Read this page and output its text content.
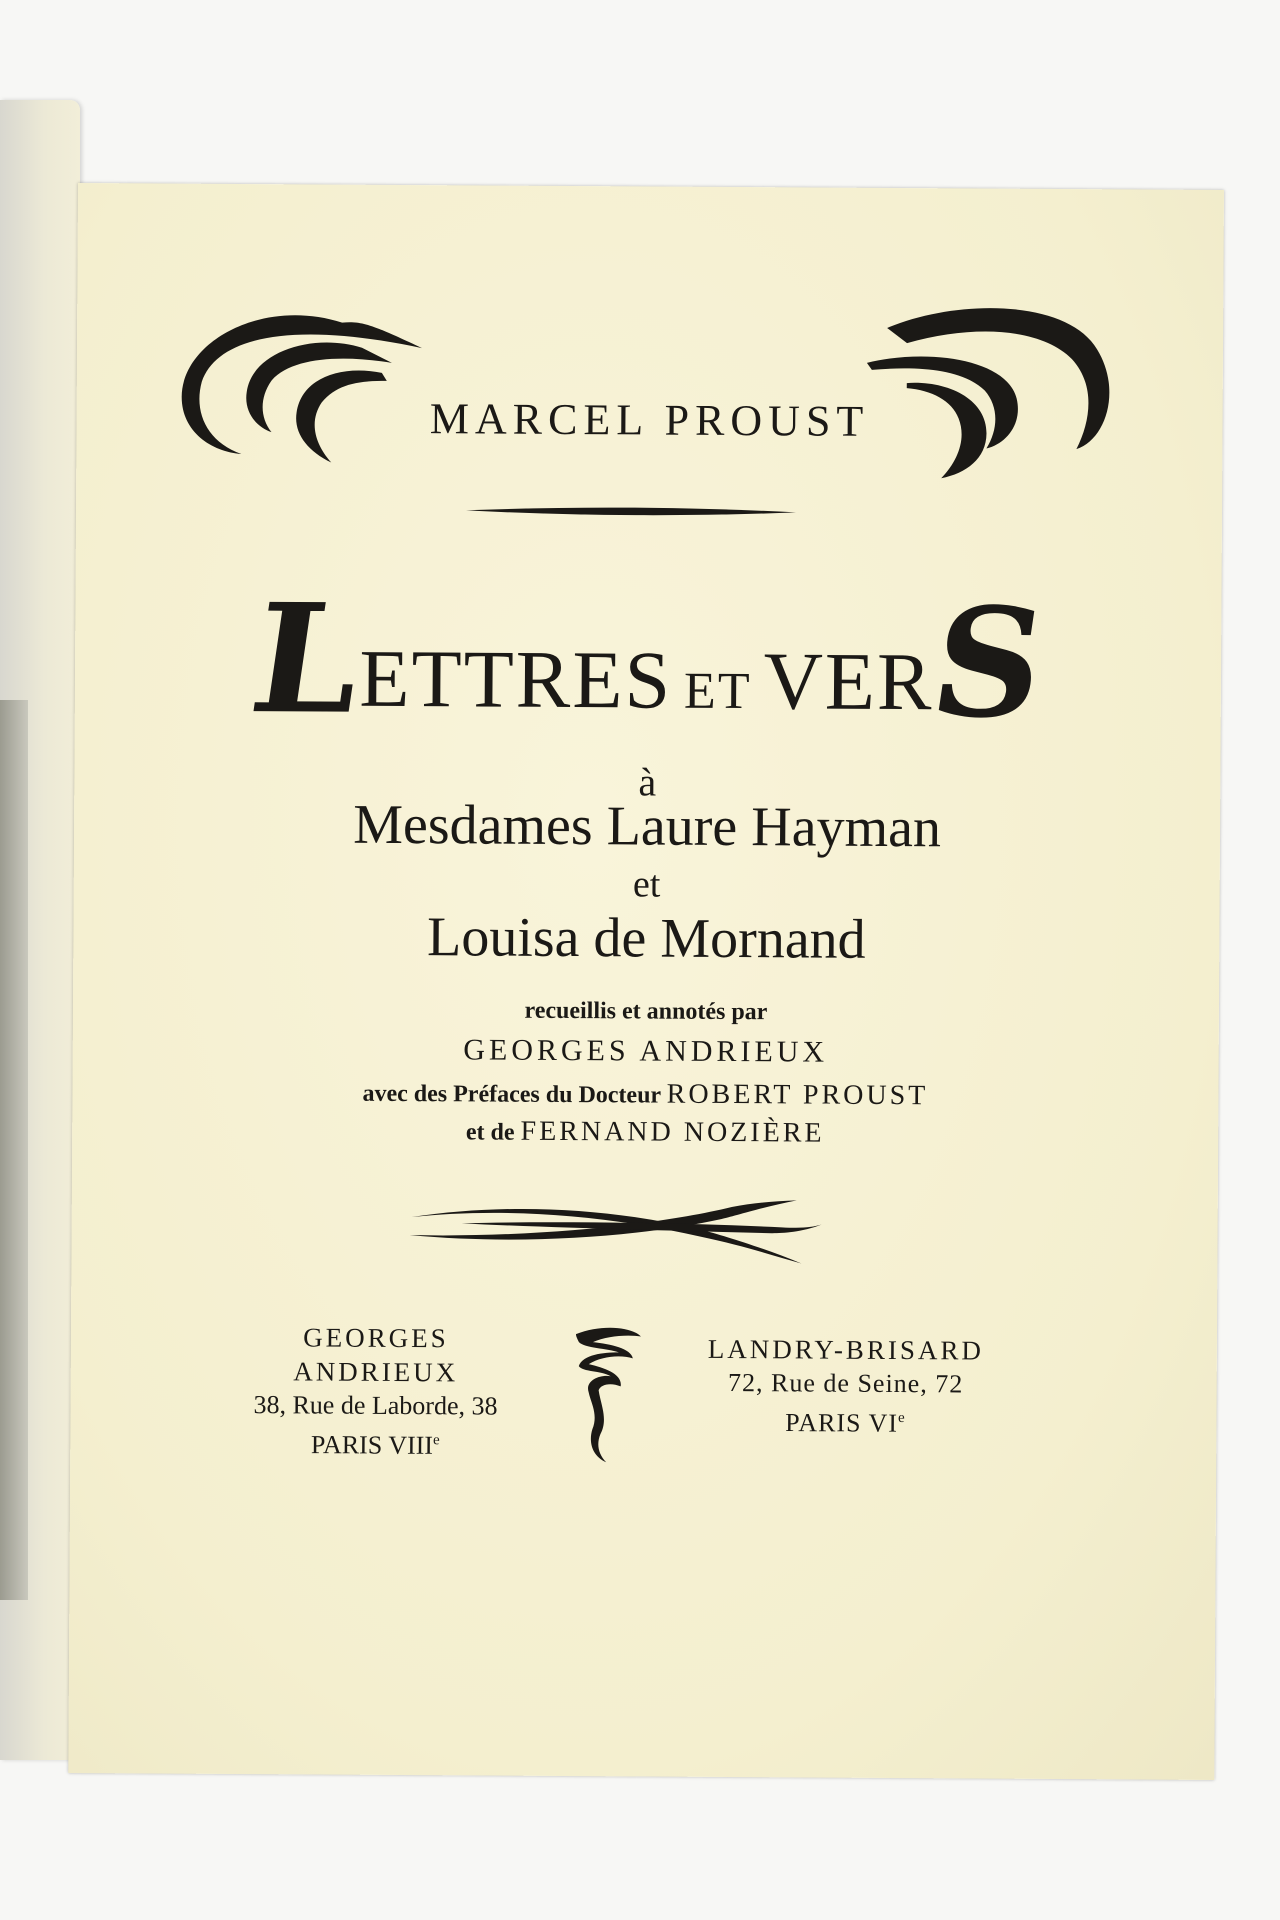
MARCEL PROUST
LETTRES ET VERS
à
Mesdames Laure Hayman
et
Louisa de Mornand
recueillis et annotés par
GEORGES ANDRIEUX
avec des Préfaces du Docteur ROBERT PROUST
et de FERNAND NOZIÈRE
GEORGES ANDRIEUX
38, Rue de Laborde, 38
PARIS VIIIe
LANDRY-BRISARD
72, Rue de Seine, 72
PARIS VIe
